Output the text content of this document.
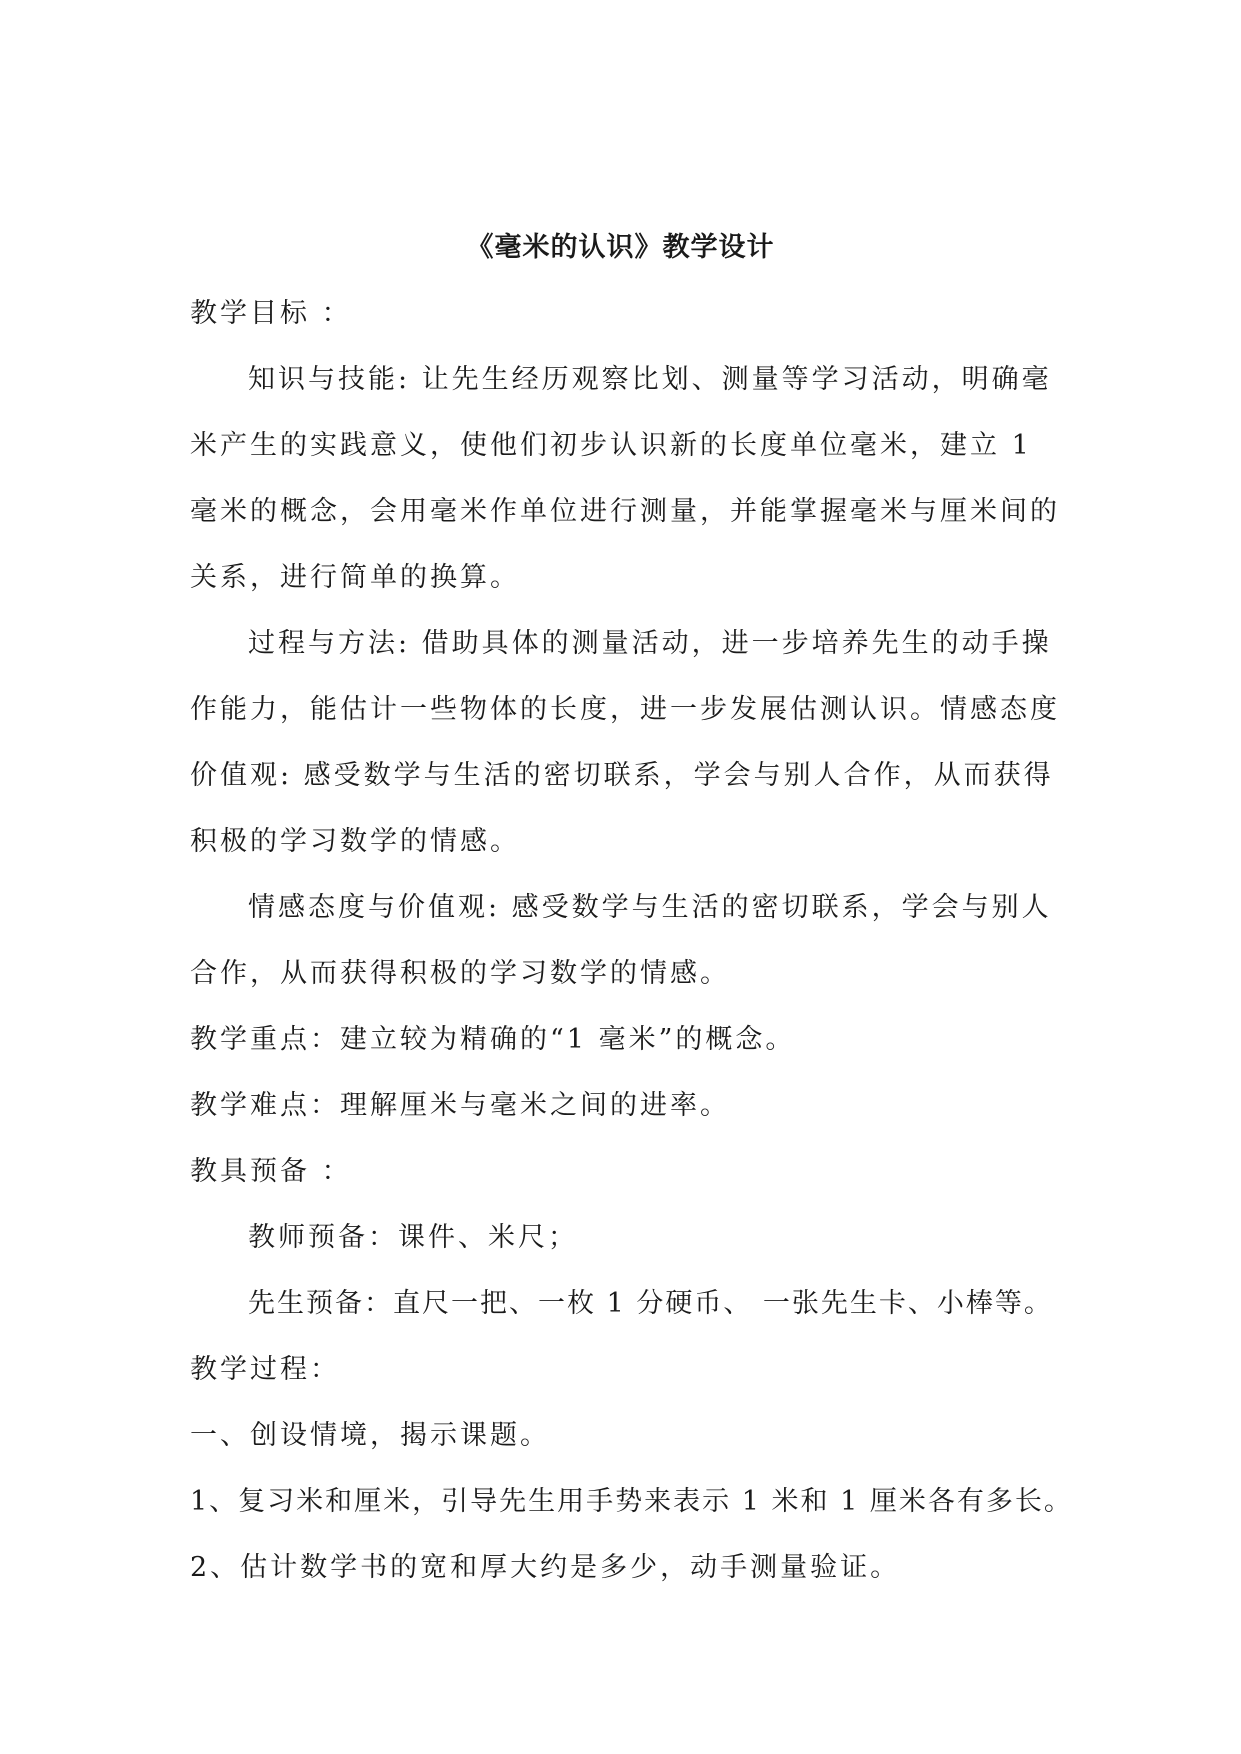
《毫米的认识》教学设计
教学目标 ：
知识与技能: 让先生经历观察比划、测量等学习活动，明确毫
米产生的实践意义，使他们初步认识新的长度单位毫米，建立 1
毫米的概念，会用毫米作单位进行测量，并能掌握毫米与厘米间的
关系，进行简单的换算。
过程与方法: 借助具体的测量活动，进一步培养先生的动手操
作能力，能估计一些物体的长度，进一步发展估测认识。情感态度
价值观: 感受数学与生活的密切联系，学会与别人合作，从而获得
积极的学习数学的情感。
情感态度与价值观: 感受数学与生活的密切联系，学会与别人
合作，从而获得积极的学习数学的情感。
教学重点：建立较为精确的“1 毫米”的概念。
教学难点：理解厘米与毫米之间的进率。
教具预备 ：
教师预备：课件、米尺；
先生预备：直尺一把、一枚 1 分硬币、 一张先生卡、小棒等。
教学过程：
一、创设情境，揭示课题。
1、复习米和厘米，引导先生用手势来表示 1 米和 1 厘米各有多长。
2、估计数学书的宽和厚大约是多少，动手测量验证。
